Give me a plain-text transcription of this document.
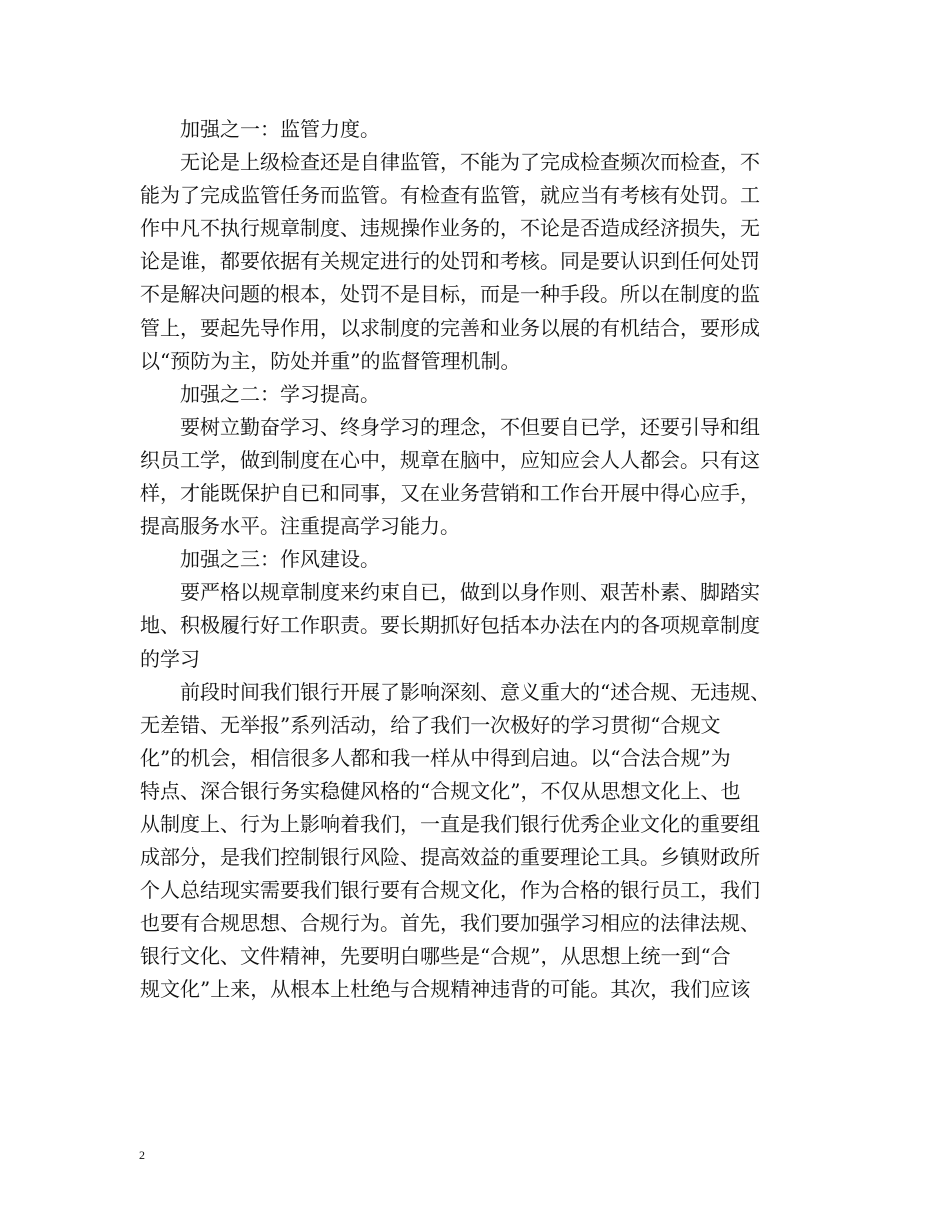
加强之一：监管力度。
无论是上级检查还是自律监管，不能为了完成检查频次而检查，不
能为了完成监管任务而监管。有检查有监管，就应当有考核有处罚。工
作中凡不执行规章制度、违规操作业务的，不论是否造成经济损失，无
论是谁，都要依据有关规定进行的处罚和考核。同是要认识到任何处罚
不是解决问题的根本，处罚不是目标，而是一种手段。所以在制度的监
管上，要起先导作用，以求制度的完善和业务以展的有机结合，要形成
以“预防为主，防处并重”的监督管理机制。
加强之二：学习提高。
要树立勤奋学习、终身学习的理念，不但要自已学，还要引导和组
织员工学，做到制度在心中，规章在脑中，应知应会人人都会。只有这
样，才能既保护自已和同事，又在业务营销和工作台开展中得心应手，
提高服务水平。注重提高学习能力。
加强之三：作风建设。
要严格以规章制度来约束自已，做到以身作则、艰苦朴素、脚踏实
地、积极履行好工作职责。要长期抓好包括本办法在内的各项规章制度
的学习
前段时间我们银行开展了影响深刻、意义重大的“述合规、无违规、
无差错、无举报”系列活动，给了我们一次极好的学习贯彻“合规文
化”的机会，相信很多人都和我一样从中得到启迪。以“合法合规”为
特点、深合银行务实稳健风格的“合规文化”，不仅从思想文化上、也
从制度上、行为上影响着我们，一直是我们银行优秀企业文化的重要组
成部分，是我们控制银行风险、提高效益的重要理论工具。乡镇财政所
个人总结现实需要我们银行要有合规文化，作为合格的银行员工，我们
也要有合规思想、合规行为。首先，我们要加强学习相应的法律法规、
银行文化、文件精神，先要明白哪些是“合规”，从思想上统一到“合
规文化”上来，从根本上杜绝与合规精神违背的可能。其次，我们应该
2
